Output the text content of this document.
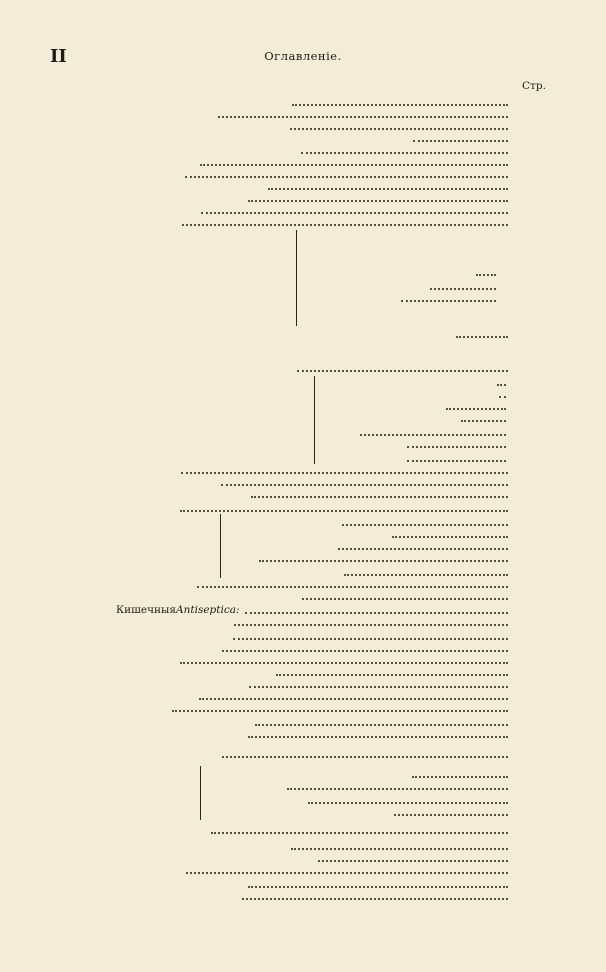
II	Оглавленіе.
Стр.
Кишечныя Antiseptica:
